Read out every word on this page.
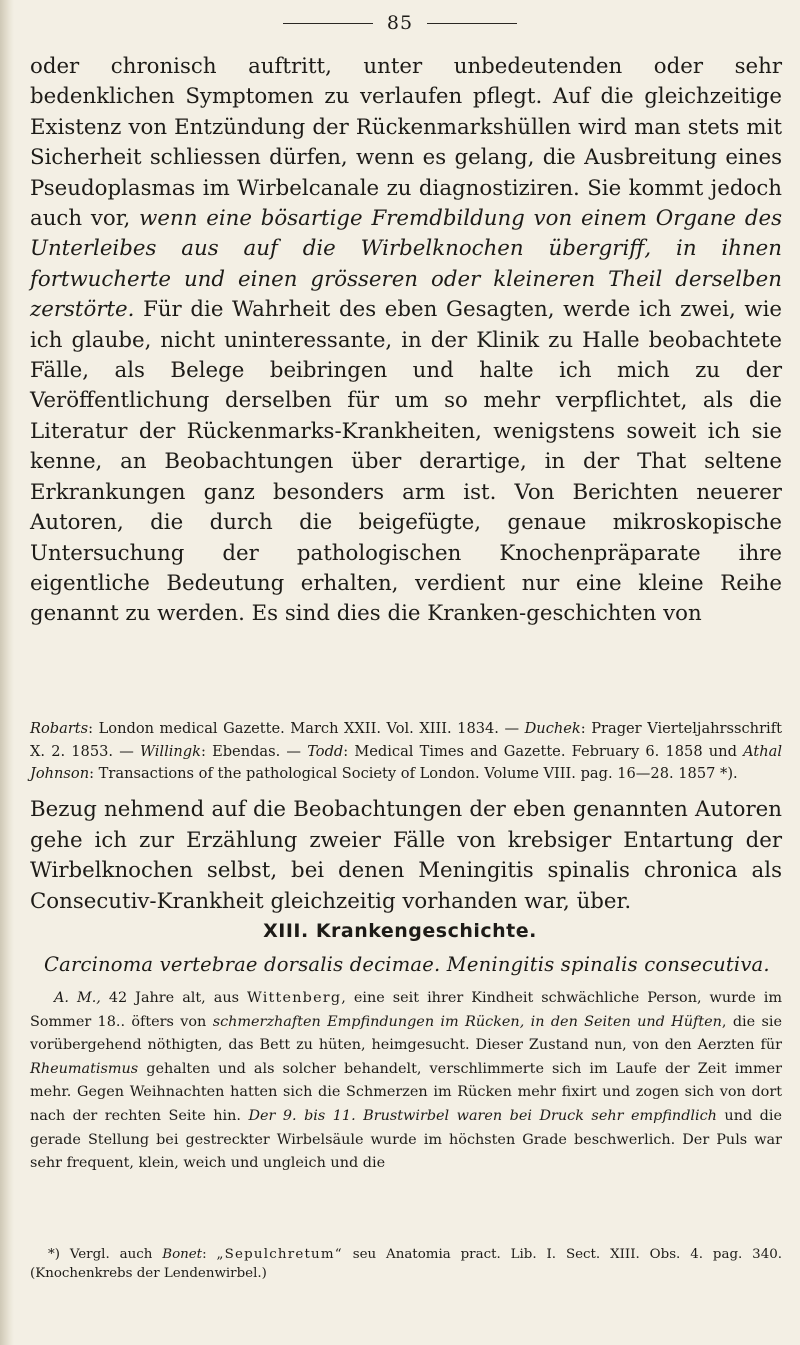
85

oder chronisch auftritt, unter unbedeutenden oder sehr bedenklichen Symptomen zu verlaufen pflegt. Auf die gleichzeitige Existenz von Entzündung der Rückenmarkshüllen wird man stets mit Sicherheit schliessen dürfen, wenn es gelang, die Ausbreitung eines Pseudoplasmas im Wirbelcanale zu diagnostiziren. Sie kommt jedoch auch vor, wenn eine bösartige Fremdbildung von einem Organe des Unterleibes aus auf die Wirbelknochen übergriff, in ihnen fortwucherte und einen grösseren oder kleineren Theil derselben zerstörte. Für die Wahrheit des eben Gesagten, werde ich zwei, wie ich glaube, nicht uninteressante, in der Klinik zu Halle beobachtete Fälle, als Belege beibringen und halte ich mich zu der Veröffentlichung derselben für um so mehr verpflichtet, als die Literatur der Rückenmarks-Krankheiten, wenigstens soweit ich sie kenne, an Beobachtungen über derartige, in der That seltene Erkrankungen ganz besonders arm ist. Von Berichten neuerer Autoren, die durch die beigefügte, genaue mikroskopische Untersuchung der pathologischen Knochenpräparate ihre eigentliche Bedeutung erhalten, verdient nur eine kleine Reihe genannt zu werden. Es sind dies die Kranken-geschichten von

Robarts: London medical Gazette. March XXII. Vol. XIII. 1834. — Duchek: Prager Vierteljahrsschrift X. 2. 1853. — Willingk: Ebendas. — Todd: Medical Times and Gazette. February 6. 1858 und Athal Johnson: Transactions of the pathological Society of London. Volume VIII. pag. 16—28. 1857 *).

Bezug nehmend auf die Beobachtungen der eben genannten Autoren gehe ich zur Erzählung zweier Fälle von krebsiger Entartung der Wirbelknochen selbst, bei denen Meningitis spinalis chronica als Consecutiv-Krankheit gleichzeitig vorhanden war, über.

XIII. Krankengeschichte.
Carcinoma vertebrae dorsalis decimae. Meningitis spinalis consecutiva.

A. M., 42 Jahre alt, aus Wittenberg, eine seit ihrer Kindheit schwächliche Person, wurde im Sommer 18.. öfters von schmerzhaften Empfindungen im Rücken, in den Seiten und Hüften, die sie vorübergehend nöthigten, das Bett zu hüten, heimgesucht. Dieser Zustand nun, von den Aerzten für Rheumatismus gehalten und als solcher behandelt, verschlimmerte sich im Laufe der Zeit immer mehr. Gegen Weihnachten hatten sich die Schmerzen im Rücken mehr fixirt und zogen sich von dort nach der rechten Seite hin. Der 9. bis 11. Brustwirbel waren bei Druck sehr empfindlich und die gerade Stellung bei gestreckter Wirbelsäule wurde im höchsten Grade beschwerlich. Der Puls war sehr frequent, klein, weich und ungleich und die

*) Vergl. auch Bonet: „Sepulchretum“ seu Anatomia pract. Lib. I. Sect. XIII. Obs. 4. pag. 340. (Knochenkrebs der Lendenwirbel.)
